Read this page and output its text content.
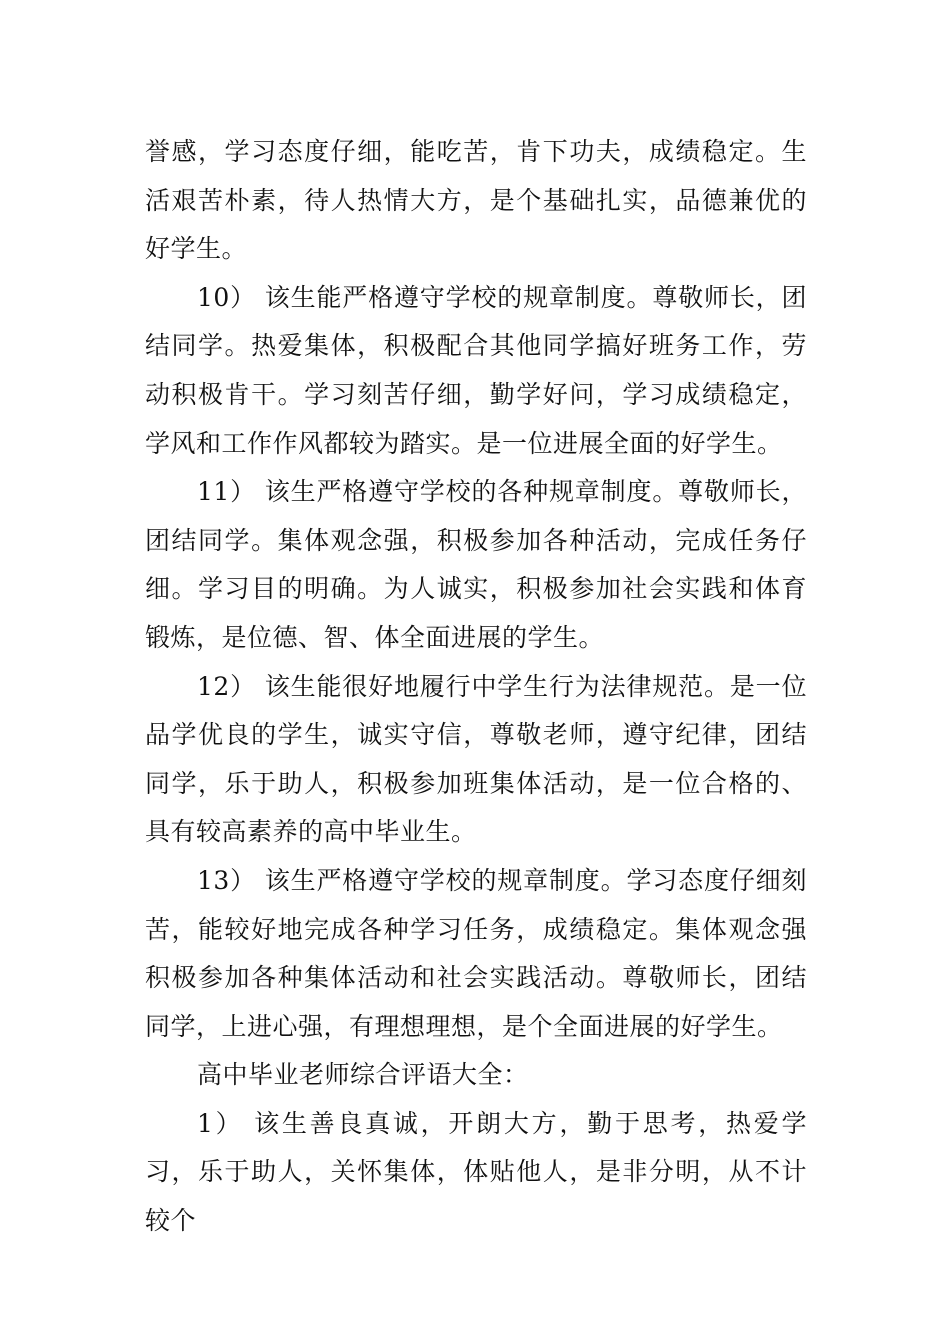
誉感，学习态度仔细，能吃苦，肯下功夫，成绩稳定。生活艰苦朴素，待人热情大方，是个基础扎实，品德兼优的好学生。

10） 该生能严格遵守学校的规章制度。尊敬师长，团结同学。热爱集体，积极配合其他同学搞好班务工作，劳动积极肯干。学习刻苦仔细，勤学好问，学习成绩稳定，学风和工作作风都较为踏实。是一位进展全面的好学生。

11） 该生严格遵守学校的各种规章制度。尊敬师长，团结同学。集体观念强，积极参加各种活动，完成任务仔细。学习目的明确。为人诚实，积极参加社会实践和体育锻炼，是位德、智、体全面进展的学生。

12） 该生能很好地履行中学生行为法律规范。是一位品学优良的学生，诚实守信，尊敬老师，遵守纪律，团结同学，乐于助人，积极参加班集体活动，是一位合格的、具有较高素养的高中毕业生。

13） 该生严格遵守学校的规章制度。学习态度仔细刻苦，能较好地完成各种学习任务，成绩稳定。集体观念强积极参加各种集体活动和社会实践活动。尊敬师长，团结同学，上进心强，有理想理想，是个全面进展的好学生。

高中毕业老师综合评语大全：

1） 该生善良真诚，开朗大方，勤于思考，热爱学习，乐于助人，关怀集体，体贴他人，是非分明，从不计较个
